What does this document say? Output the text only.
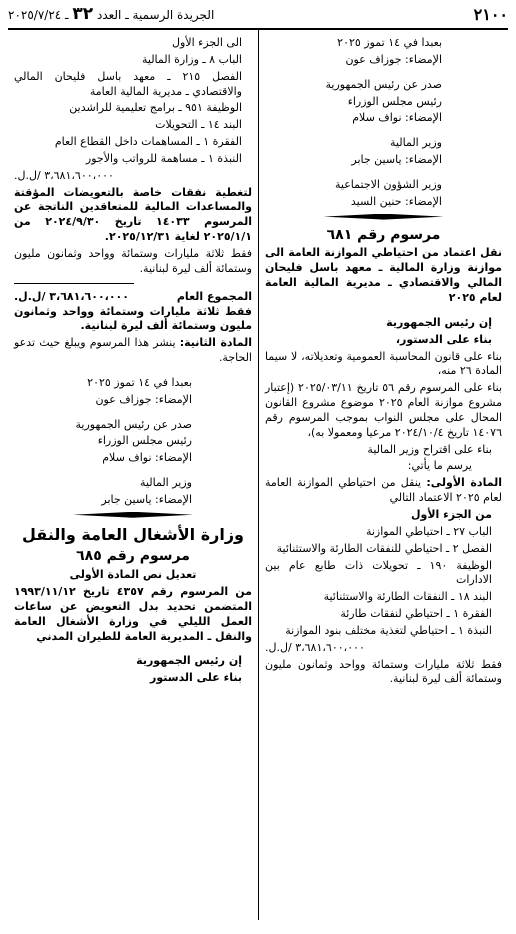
٢١٠٠
الجريدة الرسمية ـ العدد ٣٢ ـ ٢٠٢٥/٧/٢٤

بعبدا في ١٤ تموز ٢٠٢٥

الإمضاء: جوزاف عون

صدر عن رئيس الجمهورية

رئيس مجلس الوزراء

الإمضاء: نواف سلام

وزير المالية

الإمضاء: ياسين جابر

وزير الشؤون الاجتماعية

الإمضاء: حنين السيد

مرسوم رقم ٦٨١

نقل اعتماد من احتياطي الموازنة العامة الى موازنة وزارة المالية ـ معهد باسل فليحان المالي والاقتصادي ـ مديرية المالية العامة لعام ٢٠٢٥

إن رئيس الجمهورية

بناء على الدستور،

بناء على قانون المحاسبة العمومية وتعديلاته، لا سيما المادة ٢٦ منه،

بناء على المرسوم رقم ٥٦ تاريخ ٢٠٢٥/٠٣/١١ (إعتبار مشروع موازنة العام ٢٠٢٥ موضوع مشروع القانون المحال على مجلس النواب بموجب المرسوم رقم ١٤٠٧٦ تاريخ ٢٠٢٤/١٠/٤ مرعيا ومعمولا به)،

بناء على اقتراح وزير المالية

يرسم ما يأتي:

المادة الأولى: ينقل من احتياطي الموازنة العامة لعام ٢٠٢٥ الاعتماد التالي

من الجزء الأول

الباب ٢٧ ـ احتياطي الموازنة

الفصل ٢ ـ احتياطي للنفقات الطارئة والاستثنائية

الوظيفة ١٩٠ ـ تحويلات ذات طابع عام بين الادارات

البند ١٨ ـ النفقات الطارئة والاستثنائية

الفقرة ١ ـ احتياطي لنفقات طارئة

النبذة ١ ـ احتياطي لتغذية مختلف بنود الموازنة

٣،٦٨١،٦٠٠،٠٠٠ /ل.ل.

فقط ثلاثة مليارات وستمائة وواحد وثمانون مليون وستمائة ألف ليرة لبنانية.

الى الجزء الأول

الباب ٨ ـ وزارة المالية

الفصل ٢١٥ ـ معهد باسل فليحان المالي والاقتصادي ـ مديرية المالية العامة

الوظيفة ٩٥١ ـ برامج تعليمية للراشدين

البند ١٤ ـ التحويلات

الفقرة ١ ـ المساهمات داخل القطاع العام

النبذة ١ ـ مساهمة للرواتب والأجور

٣،٦٨١،٦٠٠،٠٠٠ /ل.ل.

لتغطية نفقات خاصة بالتعويضات المؤقتة والمساعدات المالية للمتعاقدين الناتجة عن المرسوم ١٤٠٣٣ تاريخ ٢٠٢٤/٩/٣٠ من ٢٠٢٥/١/١ لغاية ٢٠٢٥/١٢/٣١.

فقط ثلاثة مليارات وستمائة وواحد وثمانون مليون وستمائة ألف ليرة لبنانية.

المجموع العام
٣،٦٨١،٦٠٠،٠٠٠ /ل.ل.

فقط ثلاثة مليارات وستمائة وواحد وثمانون مليون وستمائة ألف ليرة لبنانية.

المادة الثانية: ينشر هذا المرسوم ويبلغ حيث تدعو الحاجة.

بعبدا في ١٤ تموز ٢٠٢٥

الإمضاء: جوزاف عون

صدر عن رئيس الجمهورية

رئيس مجلس الوزراء

الإمضاء: نواف سلام

وزير المالية

الإمضاء: ياسين جابر

وزارة الأشغال العامة والنقل

مرسوم رقم ٦٨٥

تعديل نص المادة الأولى

من المرسوم رقم ٤٣٥٧ تاريخ ١٩٩٣/١١/١٢ المتضمن تحديد بدل التعويض عن ساعات العمل الليلي في وزارة الأشغال العامة والنقل ـ المديرية العامة للطيران المدني

إن رئيس الجمهورية

بناء على الدستور
